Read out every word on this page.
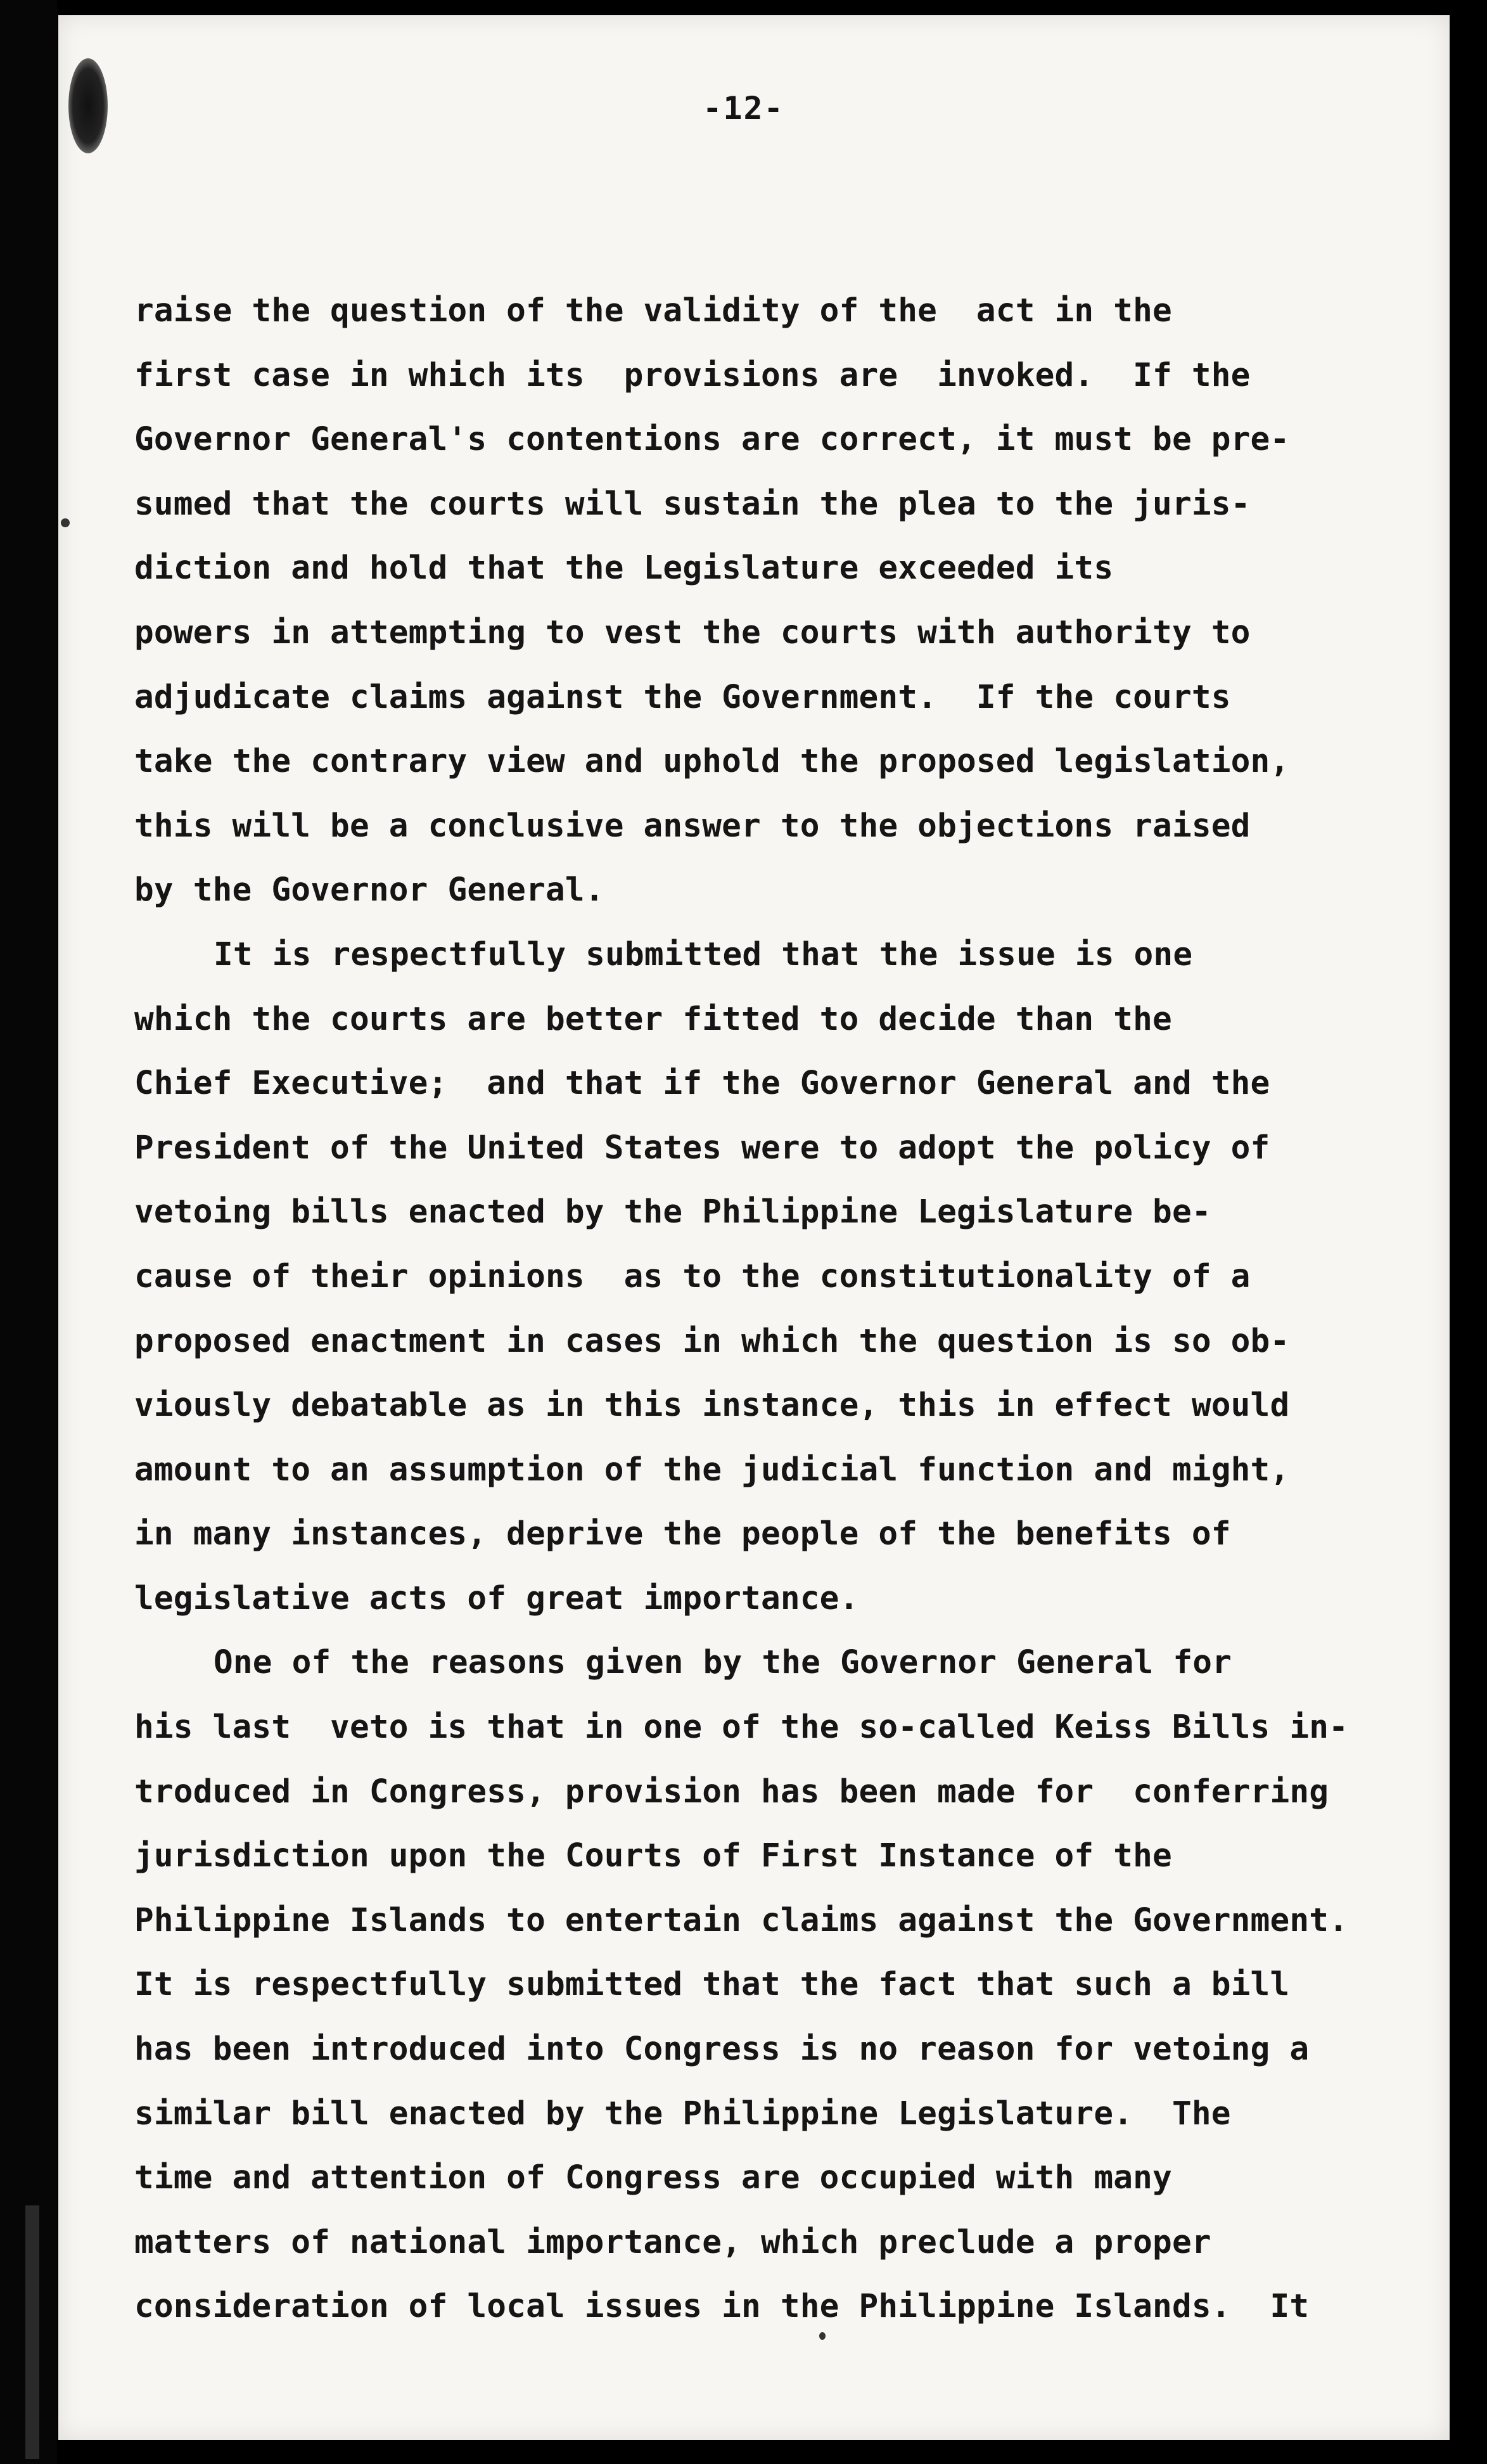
-12-
raise the question of the validity of the  act in the
first case in which its  provisions are  invoked.  If the
Governor General's contentions are correct, it must be pre-
sumed that the courts will sustain the plea to the juris-
diction and hold that the Legislature exceeded its
powers in attempting to vest the courts with authority to
adjudicate claims against the Government.  If the courts
take the contrary view and uphold the proposed legislation,
this will be a conclusive answer to the objections raised
by the Governor General.
It is respectfully submitted that the issue is one
which the courts are better fitted to decide than the
Chief Executive;  and that if the Governor General and the
President of the United States were to adopt the policy of
vetoing bills enacted by the Philippine Legislature be-
cause of their opinions  as to the constitutionality of a
proposed enactment in cases in which the question is so ob-
viously debatable as in this instance, this in effect would
amount to an assumption of the judicial function and might,
in many instances, deprive the people of the benefits of
legislative acts of great importance.
One of the reasons given by the Governor General for
his last  veto is that in one of the so-called Keiss Bills in-
troduced in Congress, provision has been made for  conferring
jurisdiction upon the Courts of First Instance of the
Philippine Islands to entertain claims against the Government.
It is respectfully submitted that the fact that such a bill
has been introduced into Congress is no reason for vetoing a
similar bill enacted by the Philippine Legislature.  The
time and attention of Congress are occupied with many
matters of national importance, which preclude a proper
consideration of local issues in the Philippine Islands.  It
